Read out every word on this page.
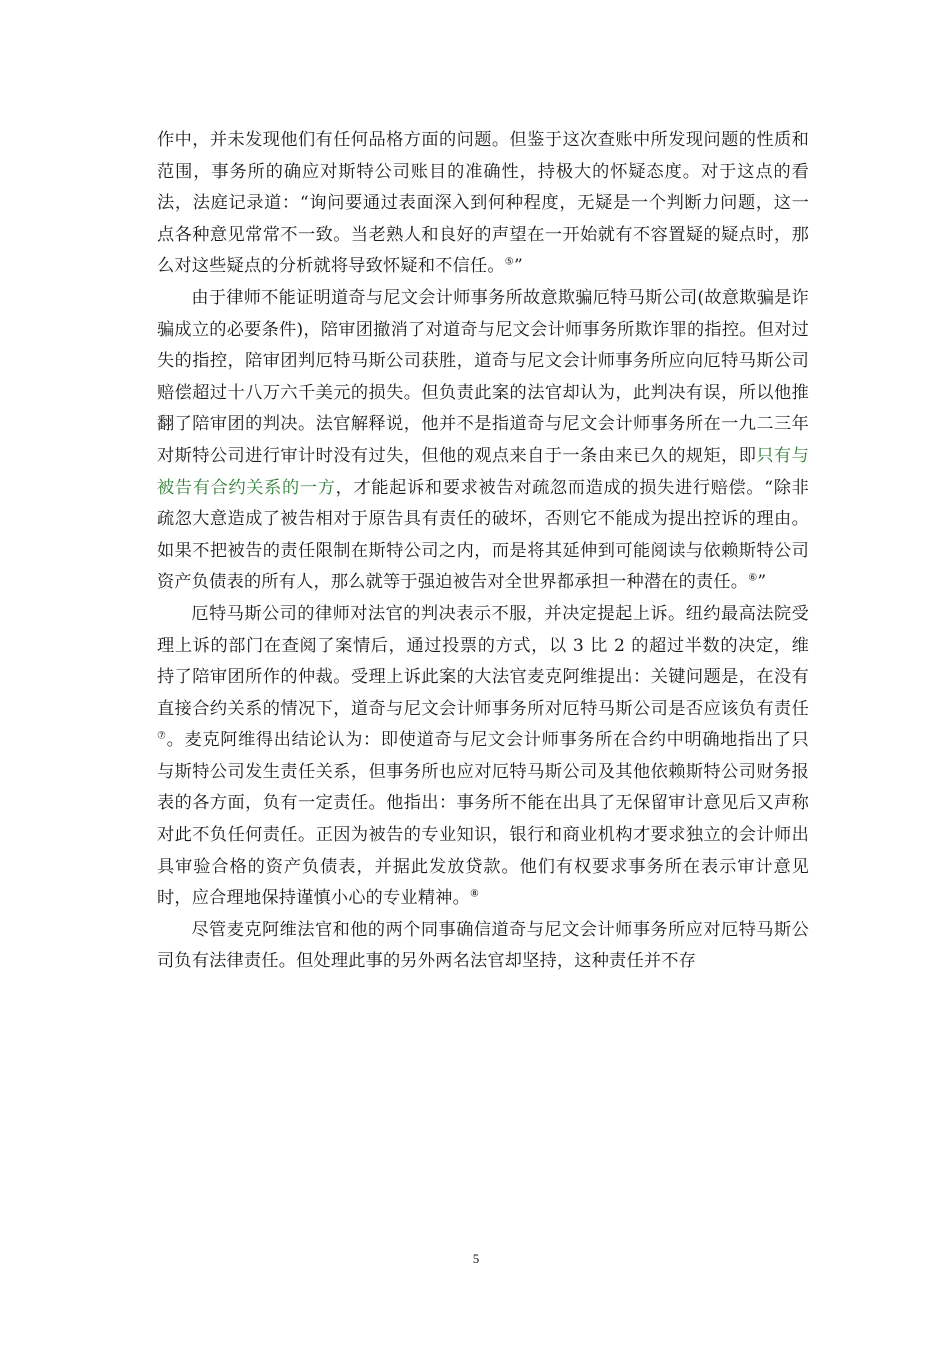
作中，并未发现他们有任何品格方面的问题。但鉴于这次查账中所发现问题的性质和范围，事务所的确应对斯特公司账目的准确性，持极大的怀疑态度。对于这点的看法，法庭记录道：“询问要通过表面深入到何种程度，无疑是一个判断力问题，这一点各种意见常常不一致。当老熟人和良好的声望在一开始就有不容置疑的疑点时，那么对这些疑点的分析就将导致怀疑和不信任。⑤”

由于律师不能证明道奇与尼文会计师事务所故意欺骗厄特马斯公司(故意欺骗是诈骗成立的必要条件)，陪审团撤消了对道奇与尼文会计师事务所欺诈罪的指控。但对过失的指控，陪审团判厄特马斯公司获胜，道奇与尼文会计师事务所应向厄特马斯公司赔偿超过十八万六千美元的损失。但负责此案的法官却认为，此判决有误，所以他推翻了陪审团的判决。法官解释说，他并不是指道奇与尼文会计师事务所在一九二三年对斯特公司进行审计时没有过失，但他的观点来自于一条由来已久的规矩，即只有与被告有合约关系的一方，才能起诉和要求被告对疏忽而造成的损失进行赔偿。“除非疏忽大意造成了被告相对于原告具有责任的破坏，否则它不能成为提出控诉的理由。如果不把被告的责任限制在斯特公司之内，而是将其延伸到可能阅读与依赖斯特公司资产负债表的所有人，那么就等于强迫被告对全世界都承担一种潜在的责任。⑥”

厄特马斯公司的律师对法官的判决表示不服，并决定提起上诉。纽约最高法院受理上诉的部门在查阅了案情后，通过投票的方式，以 3 比 2 的超过半数的决定，维持了陪审团所作的仲裁。受理上诉此案的大法官麦克阿维提出：关键问题是，在没有直接合约关系的情况下，道奇与尼文会计师事务所对厄特马斯公司是否应该负有责任⑦。麦克阿维得出结论认为：即使道奇与尼文会计师事务所在合约中明确地指出了只与斯特公司发生责任关系，但事务所也应对厄特马斯公司及其他依赖斯特公司财务报表的各方面，负有一定责任。他指出：事务所不能在出具了无保留审计意见后又声称对此不负任何责任。正因为被告的专业知识，银行和商业机构才要求独立的会计师出具审验合格的资产负债表，并据此发放贷款。他们有权要求事务所在表示审计意见时，应合理地保持谨慎小心的专业精神。⑧

尽管麦克阿维法官和他的两个同事确信道奇与尼文会计师事务所应对厄特马斯公司负有法律责任。但处理此事的另外两名法官却坚持，这种责任并不存

5
